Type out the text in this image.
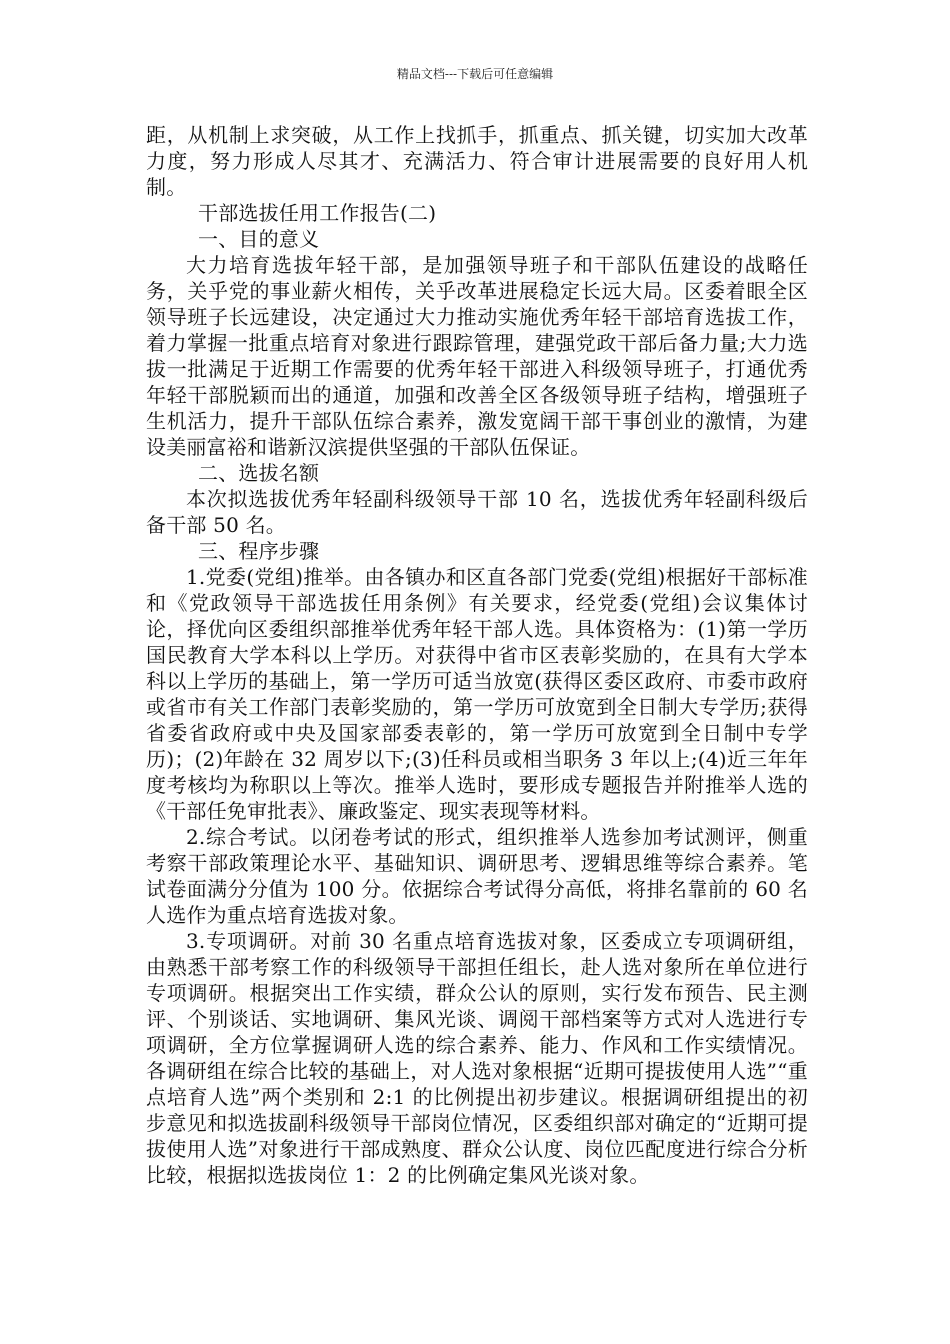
精品文档---下载后可任意编辑

距，从机制上求突破，从工作上找抓手，抓重点、抓关键，切实加大改革力度，努力形成人尽其才、充满活力、符合审计进展需要的良好用人机制。

干部选拔任用工作报告(二)

一、目的意义

大力培育选拔年轻干部，是加强领导班子和干部队伍建设的战略任务，关乎党的事业薪火相传，关乎改革进展稳定长远大局。区委着眼全区领导班子长远建设，决定通过大力推动实施优秀年轻干部培育选拔工作，着力掌握一批重点培育对象进行跟踪管理，建强党政干部后备力量;大力选拔一批满足于近期工作需要的优秀年轻干部进入科级领导班子，打通优秀年轻干部脱颖而出的通道，加强和改善全区各级领导班子结构，增强班子生机活力，提升干部队伍综合素养，激发宽阔干部干事创业的激情，为建设美丽富裕和谐新汉滨提供坚强的干部队伍保证。

二、选拔名额

本次拟选拔优秀年轻副科级领导干部 10 名，选拔优秀年轻副科级后备干部 50 名。

三、程序步骤

1.党委(党组)推举。由各镇办和区直各部门党委(党组)根据好干部标准和《党政领导干部选拔任用条例》有关要求，经党委(党组)会议集体讨论，择优向区委组织部推举优秀年轻干部人选。具体资格为：(1)第一学历国民教育大学本科以上学历。对获得中省市区表彰奖励的，在具有大学本科以上学历的基础上，第一学历可适当放宽(获得区委区政府、市委市政府或省市有关工作部门表彰奖励的，第一学历可放宽到全日制大专学历;获得省委省政府或中央及国家部委表彰的，第一学历可放宽到全日制中专学历)；(2)年龄在 32 周岁以下;(3)任科员或相当职务 3 年以上;(4)近三年年度考核均为称职以上等次。推举人选时，要形成专题报告并附推举人选的《干部任免审批表》、廉政鉴定、现实表现等材料。

2.综合考试。以闭卷考试的形式，组织推举人选参加考试测评，侧重考察干部政策理论水平、基础知识、调研思考、逻辑思维等综合素养。笔试卷面满分分值为 100 分。依据综合考试得分高低，将排名靠前的 60 名人选作为重点培育选拔对象。

3.专项调研。对前 30 名重点培育选拔对象，区委成立专项调研组，由熟悉干部考察工作的科级领导干部担任组长，赴人选对象所在单位进行专项调研。根据突出工作实绩，群众公认的原则，实行发布预告、民主测评、个别谈话、实地调研、集风光谈、调阅干部档案等方式对人选进行专项调研，全方位掌握调研人选的综合素养、能力、作风和工作实绩情况。各调研组在综合比较的基础上，对人选对象根据“近期可提拔使用人选”“重点培育人选”两个类别和 2:1 的比例提出初步建议。根据调研组提出的初步意见和拟选拔副科级领导干部岗位情况，区委组织部对确定的“近期可提拔使用人选”对象进行干部成熟度、群众公认度、岗位匹配度进行综合分析比较，根据拟选拔岗位 1：2 的比例确定集风光谈对象。
